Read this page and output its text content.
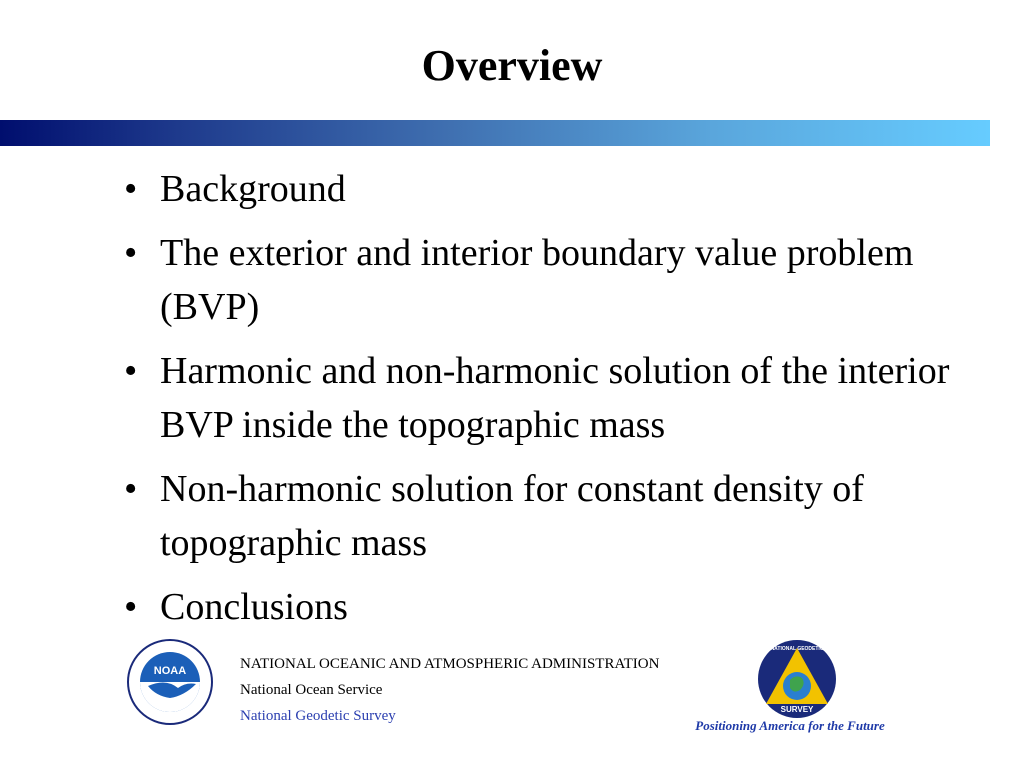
Overview
• Background
• The exterior and interior boundary value problem (BVP)
• Harmonic and non-harmonic solution of the interior BVP inside the topographic mass
• Non-harmonic solution for constant density of topographic mass
• Conclusions
NOAA	NATIONAL OCEANIC AND ATMOSPHERIC ADMINISTRATION
National Ocean Service
National Geodetic Survey	SURVEY
NATIONAL GEODETIC
Positioning America for the Future
